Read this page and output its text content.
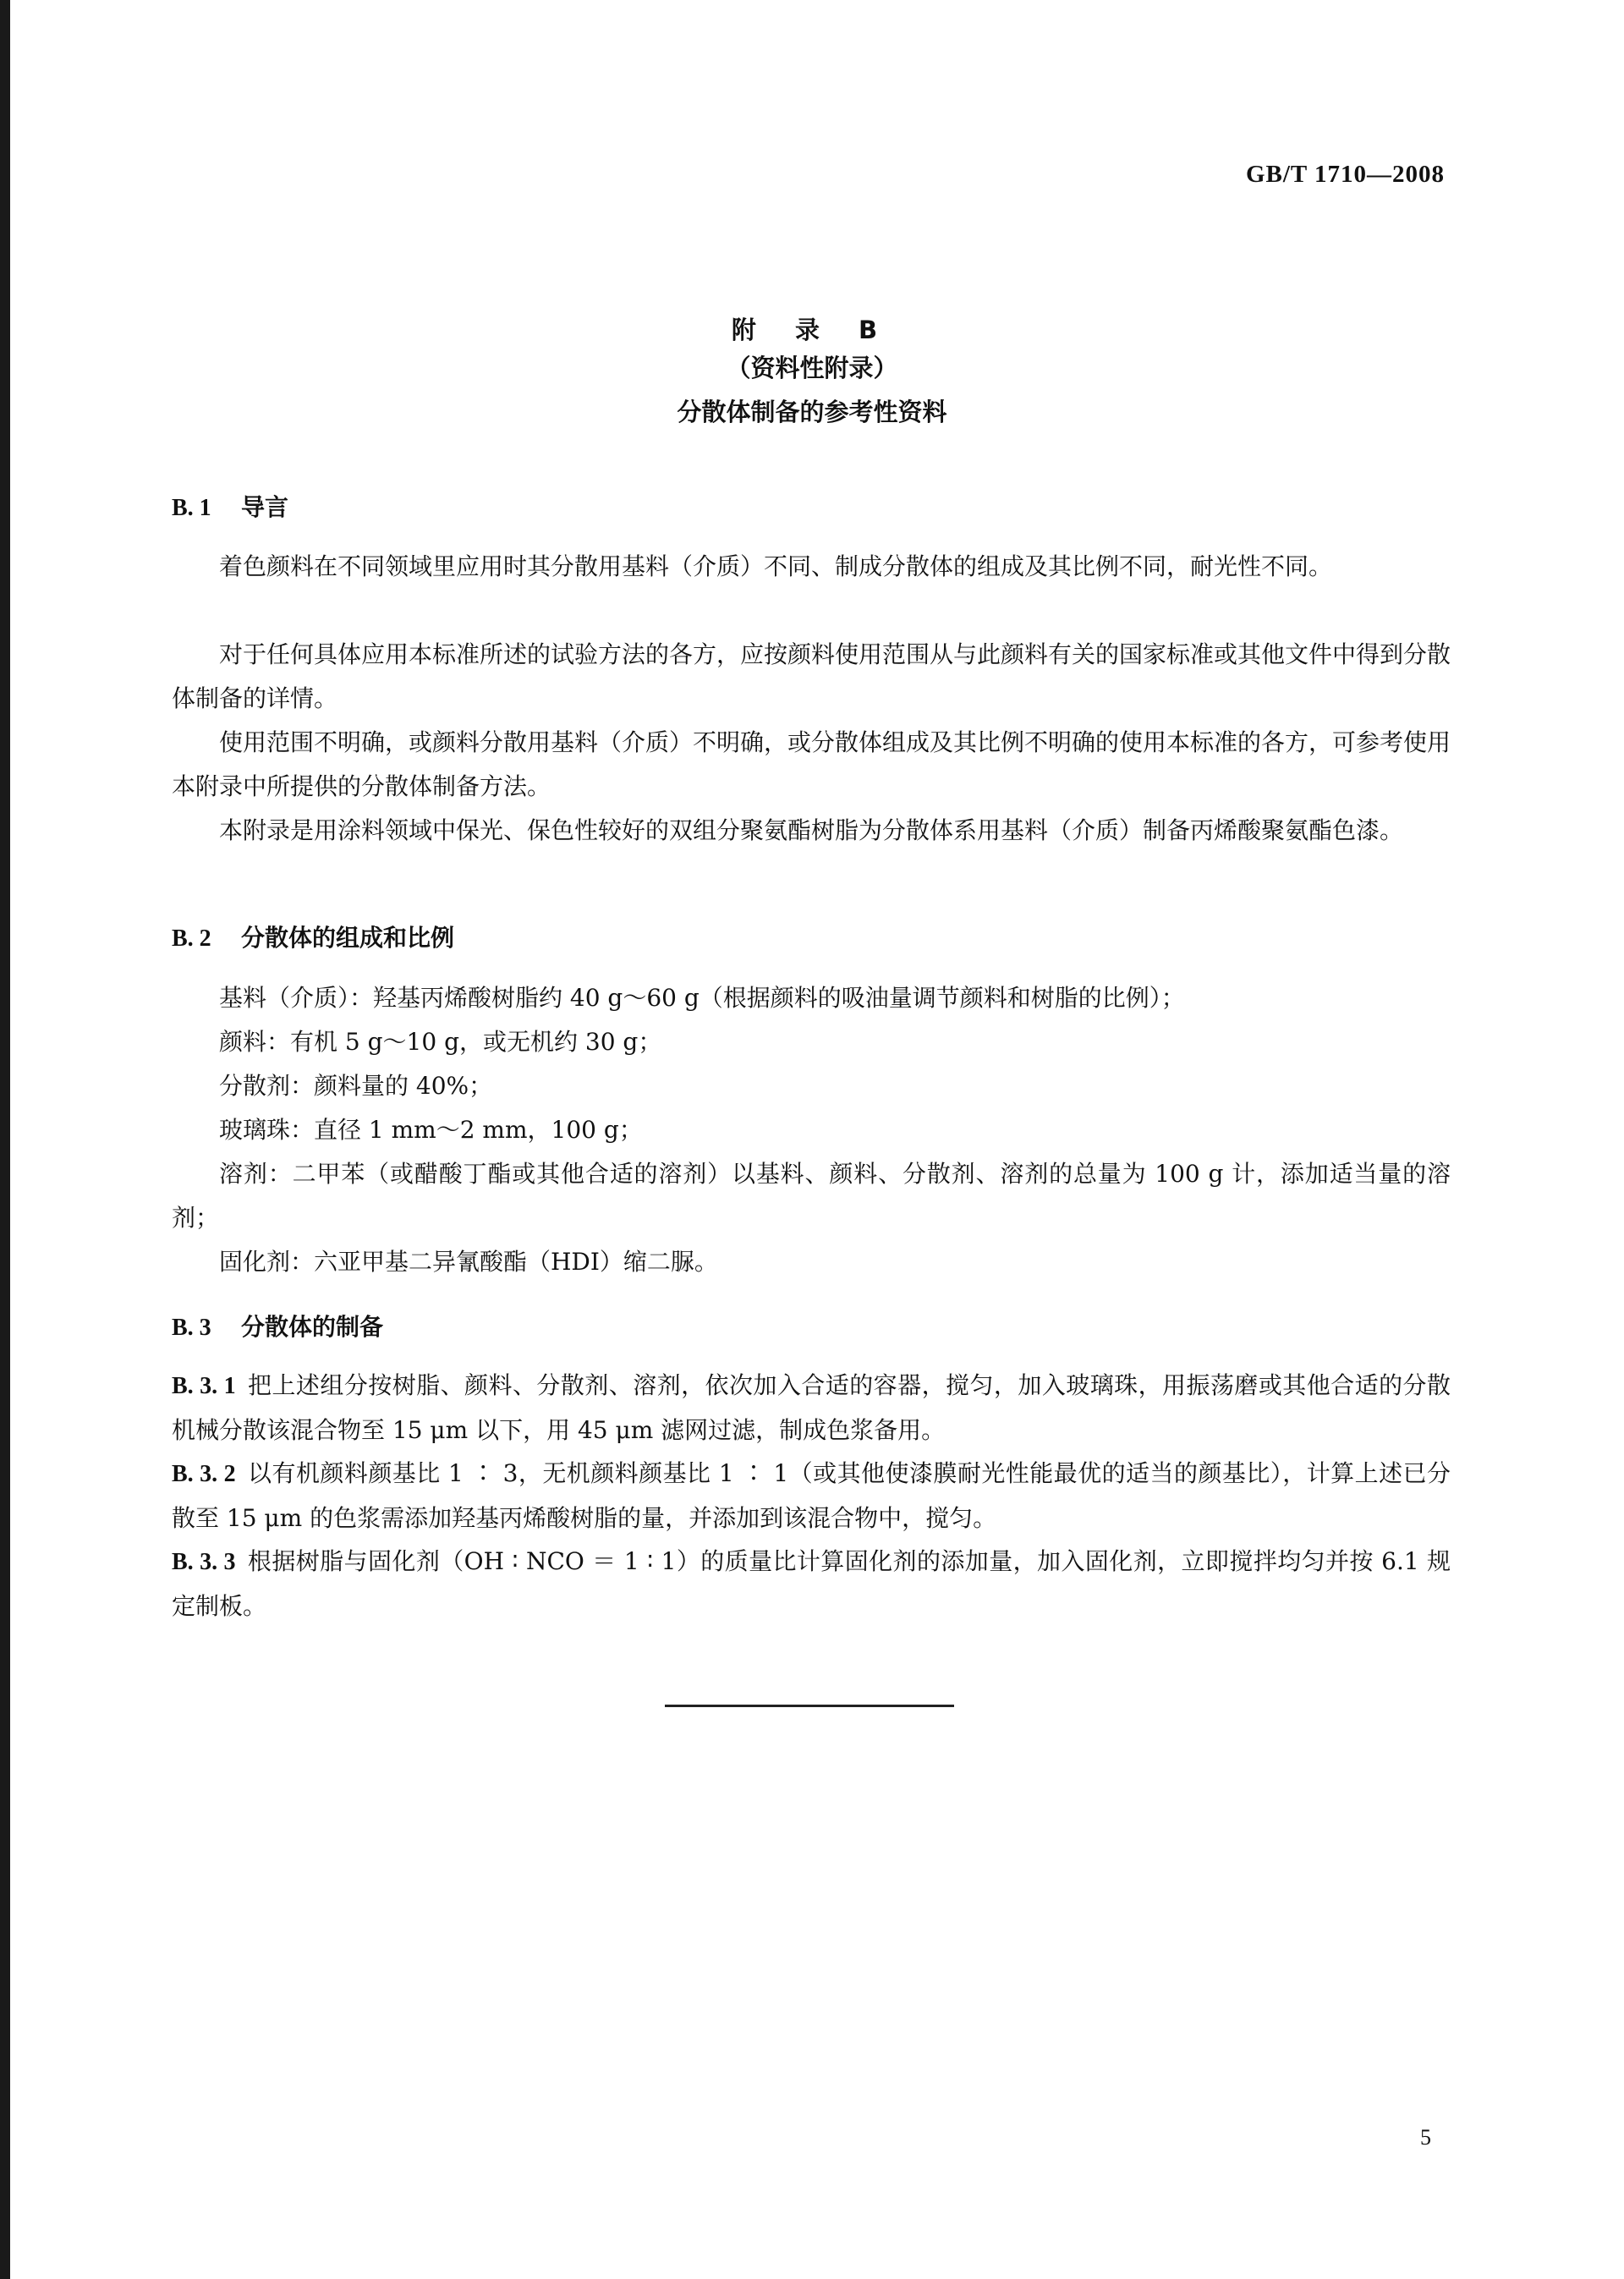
GB/T 1710—2008
附 录 B
（资料性附录）
分散体制备的参考性资料
B. 1 导言

着色颜料在不同领域里应用时其分散用基料（介质）不同、制成分散体的组成及其比例不同，耐光性不同。

对于任何具体应用本标准所述的试验方法的各方，应按颜料使用范围从与此颜料有关的国家标准或其他文件中得到分散体制备的详情。

使用范围不明确，或颜料分散用基料（介质）不明确，或分散体组成及其比例不明确的使用本标准的各方，可参考使用本附录中所提供的分散体制备方法。

本附录是用涂料领域中保光、保色性较好的双组分聚氨酯树脂为分散体系用基料（介质）制备丙烯酸聚氨酯色漆。

B. 2 分散体的组成和比例

基料（介质）：羟基丙烯酸树脂约 40 g～60 g（根据颜料的吸油量调节颜料和树脂的比例）；

颜料：有机 5 g～10 g，或无机约 30 g；

分散剂：颜料量的 40%；

玻璃珠：直径 1 mm～2 mm，100 g；

溶剂：二甲苯（或醋酸丁酯或其他合适的溶剂）以基料、颜料、分散剂、溶剂的总量为 100 g 计，添加适当量的溶剂；

固化剂：六亚甲基二异氰酸酯（HDI）缩二脲。

B. 3 分散体的制备

B. 3. 1 把上述组分按树脂、颜料、分散剂、溶剂，依次加入合适的容器，搅匀，加入玻璃珠，用振荡磨或其他合适的分散机械分散该混合物至 15 μm 以下，用 45 μm 滤网过滤，制成色浆备用。

B. 3. 2 以有机颜料颜基比 1 ∶ 3，无机颜料颜基比 1 ∶ 1（或其他使漆膜耐光性能最优的适当的颜基比），计算上述已分散至 15 μm 的色浆需添加羟基丙烯酸树脂的量，并添加到该混合物中，搅匀。

B. 3. 3 根据树脂与固化剂（OH ∶ NCO ＝ 1 ∶ 1）的质量比计算固化剂的添加量，加入固化剂，立即搅拌均匀并按 6.1 规定制板。

5
